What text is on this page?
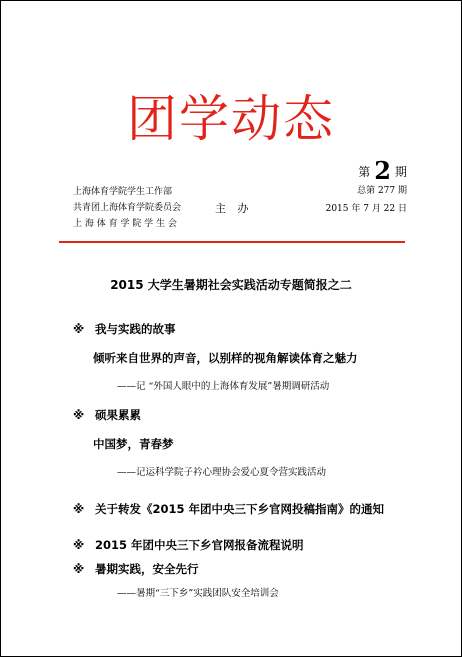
团学动态
第 2 期
总第 277 期
2015 年 7 月 22 日
上海体育学院学生工作部
共青团上海体育学院委员会
上 海 体 育 学 院 学 生 会
主 办
2015 大学生暑期社会实践活动专题简报之二
※ 我与实践的故事
倾听来自世界的声音，以别样的视角解读体育之魅力
——记 “外国人眼中的上海体育发展”暑期调研活动
※ 硕果累累
中国梦，青春梦
——记运科学院子衿心理协会爱心夏令营实践活动
※ 关于转发《2015 年团中央三下乡官网投稿指南》的通知
※ 2015 年团中央三下乡官网报备流程说明
※ 暑期实践，安全先行
——暑期“三下乡”实践团队安全培训会
